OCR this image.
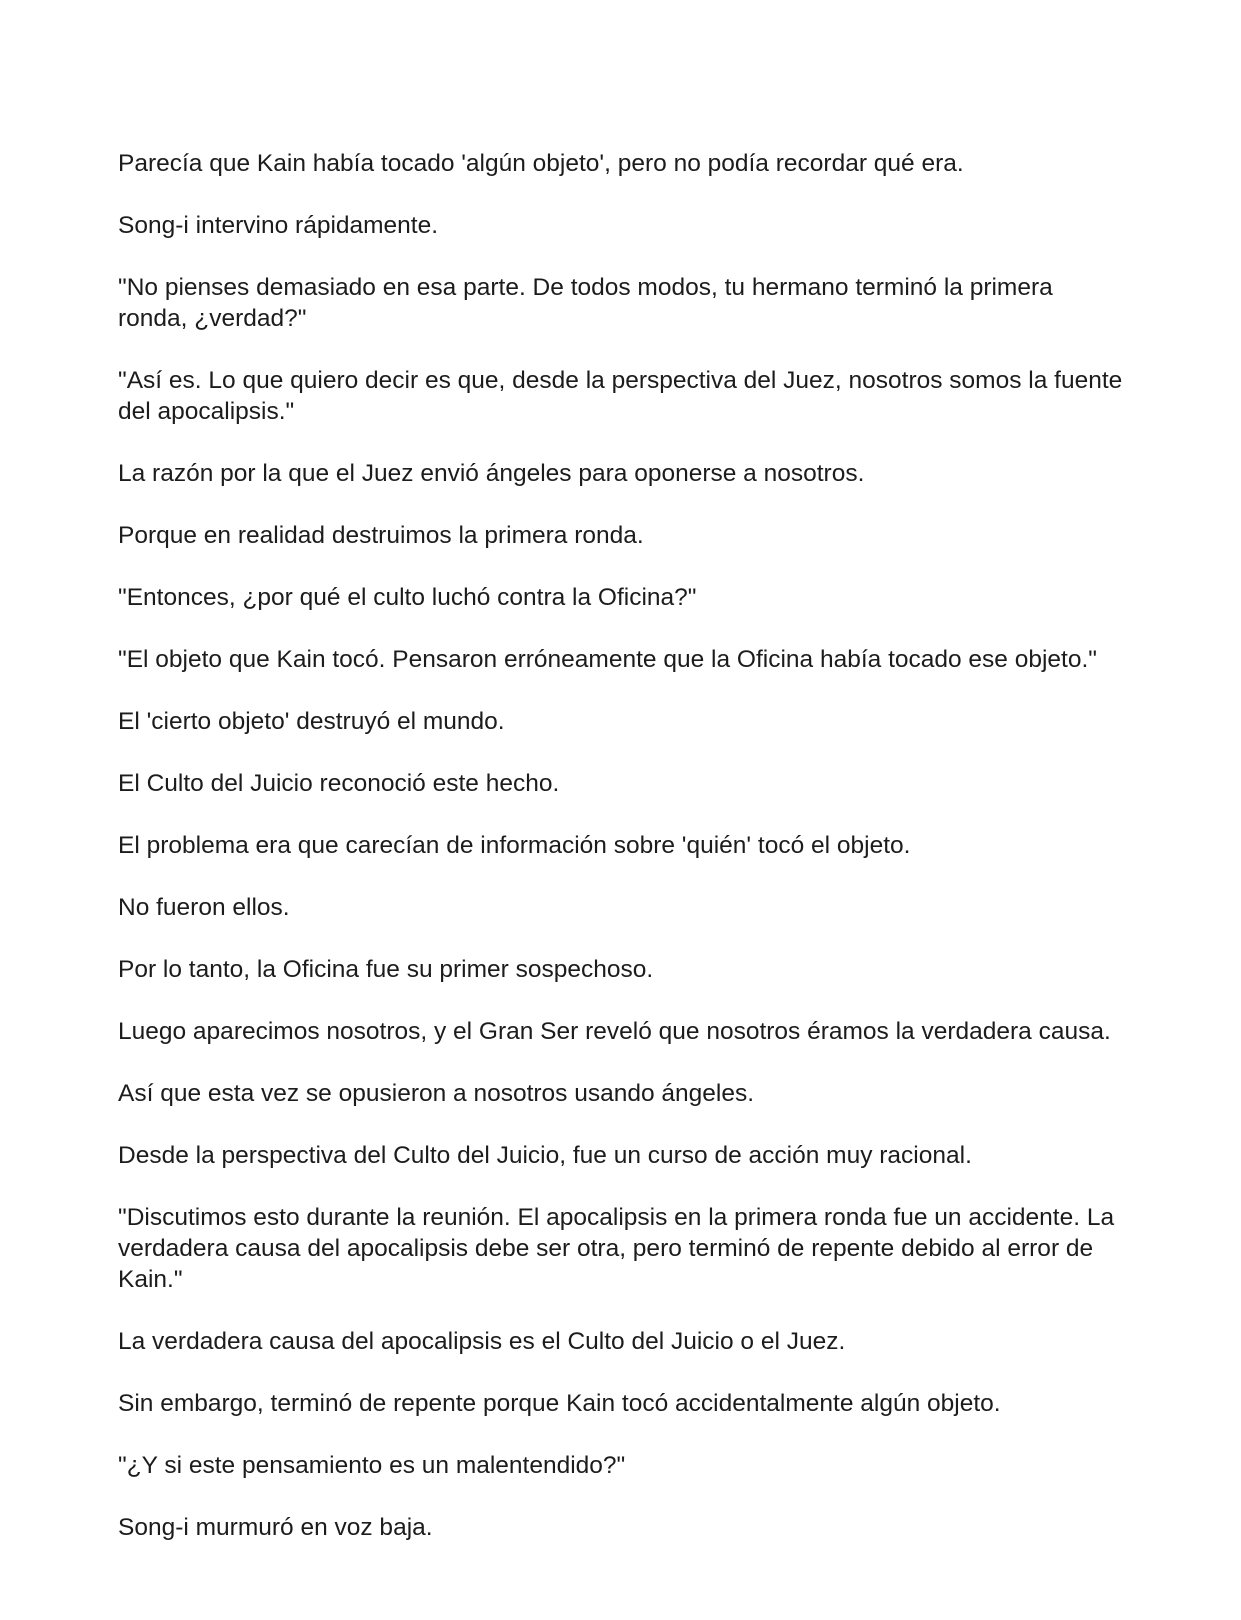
Parecía que Kain había tocado 'algún objeto', pero no podía recordar qué era.

Song-i intervino rápidamente.

"No pienses demasiado en esa parte. De todos modos, tu hermano terminó la primera ronda, ¿verdad?"

"Así es. Lo que quiero decir es que, desde la perspectiva del Juez, nosotros somos la fuente del apocalipsis."

La razón por la que el Juez envió ángeles para oponerse a nosotros.

Porque en realidad destruimos la primera ronda.

"Entonces, ¿por qué el culto luchó contra la Oficina?"

"El objeto que Kain tocó. Pensaron erróneamente que la Oficina había tocado ese objeto."

El 'cierto objeto' destruyó el mundo.

El Culto del Juicio reconoció este hecho.

El problema era que carecían de información sobre 'quién' tocó el objeto.

No fueron ellos.

Por lo tanto, la Oficina fue su primer sospechoso.

Luego aparecimos nosotros, y el Gran Ser reveló que nosotros éramos la verdadera causa.

Así que esta vez se opusieron a nosotros usando ángeles.

Desde la perspectiva del Culto del Juicio, fue un curso de acción muy racional.

"Discutimos esto durante la reunión. El apocalipsis en la primera ronda fue un accidente. La verdadera causa del apocalipsis debe ser otra, pero terminó de repente debido al error de Kain."

La verdadera causa del apocalipsis es el Culto del Juicio o el Juez.

Sin embargo, terminó de repente porque Kain tocó accidentalmente algún objeto.

"¿Y si este pensamiento es un malentendido?"

Song-i murmuró en voz baja.
